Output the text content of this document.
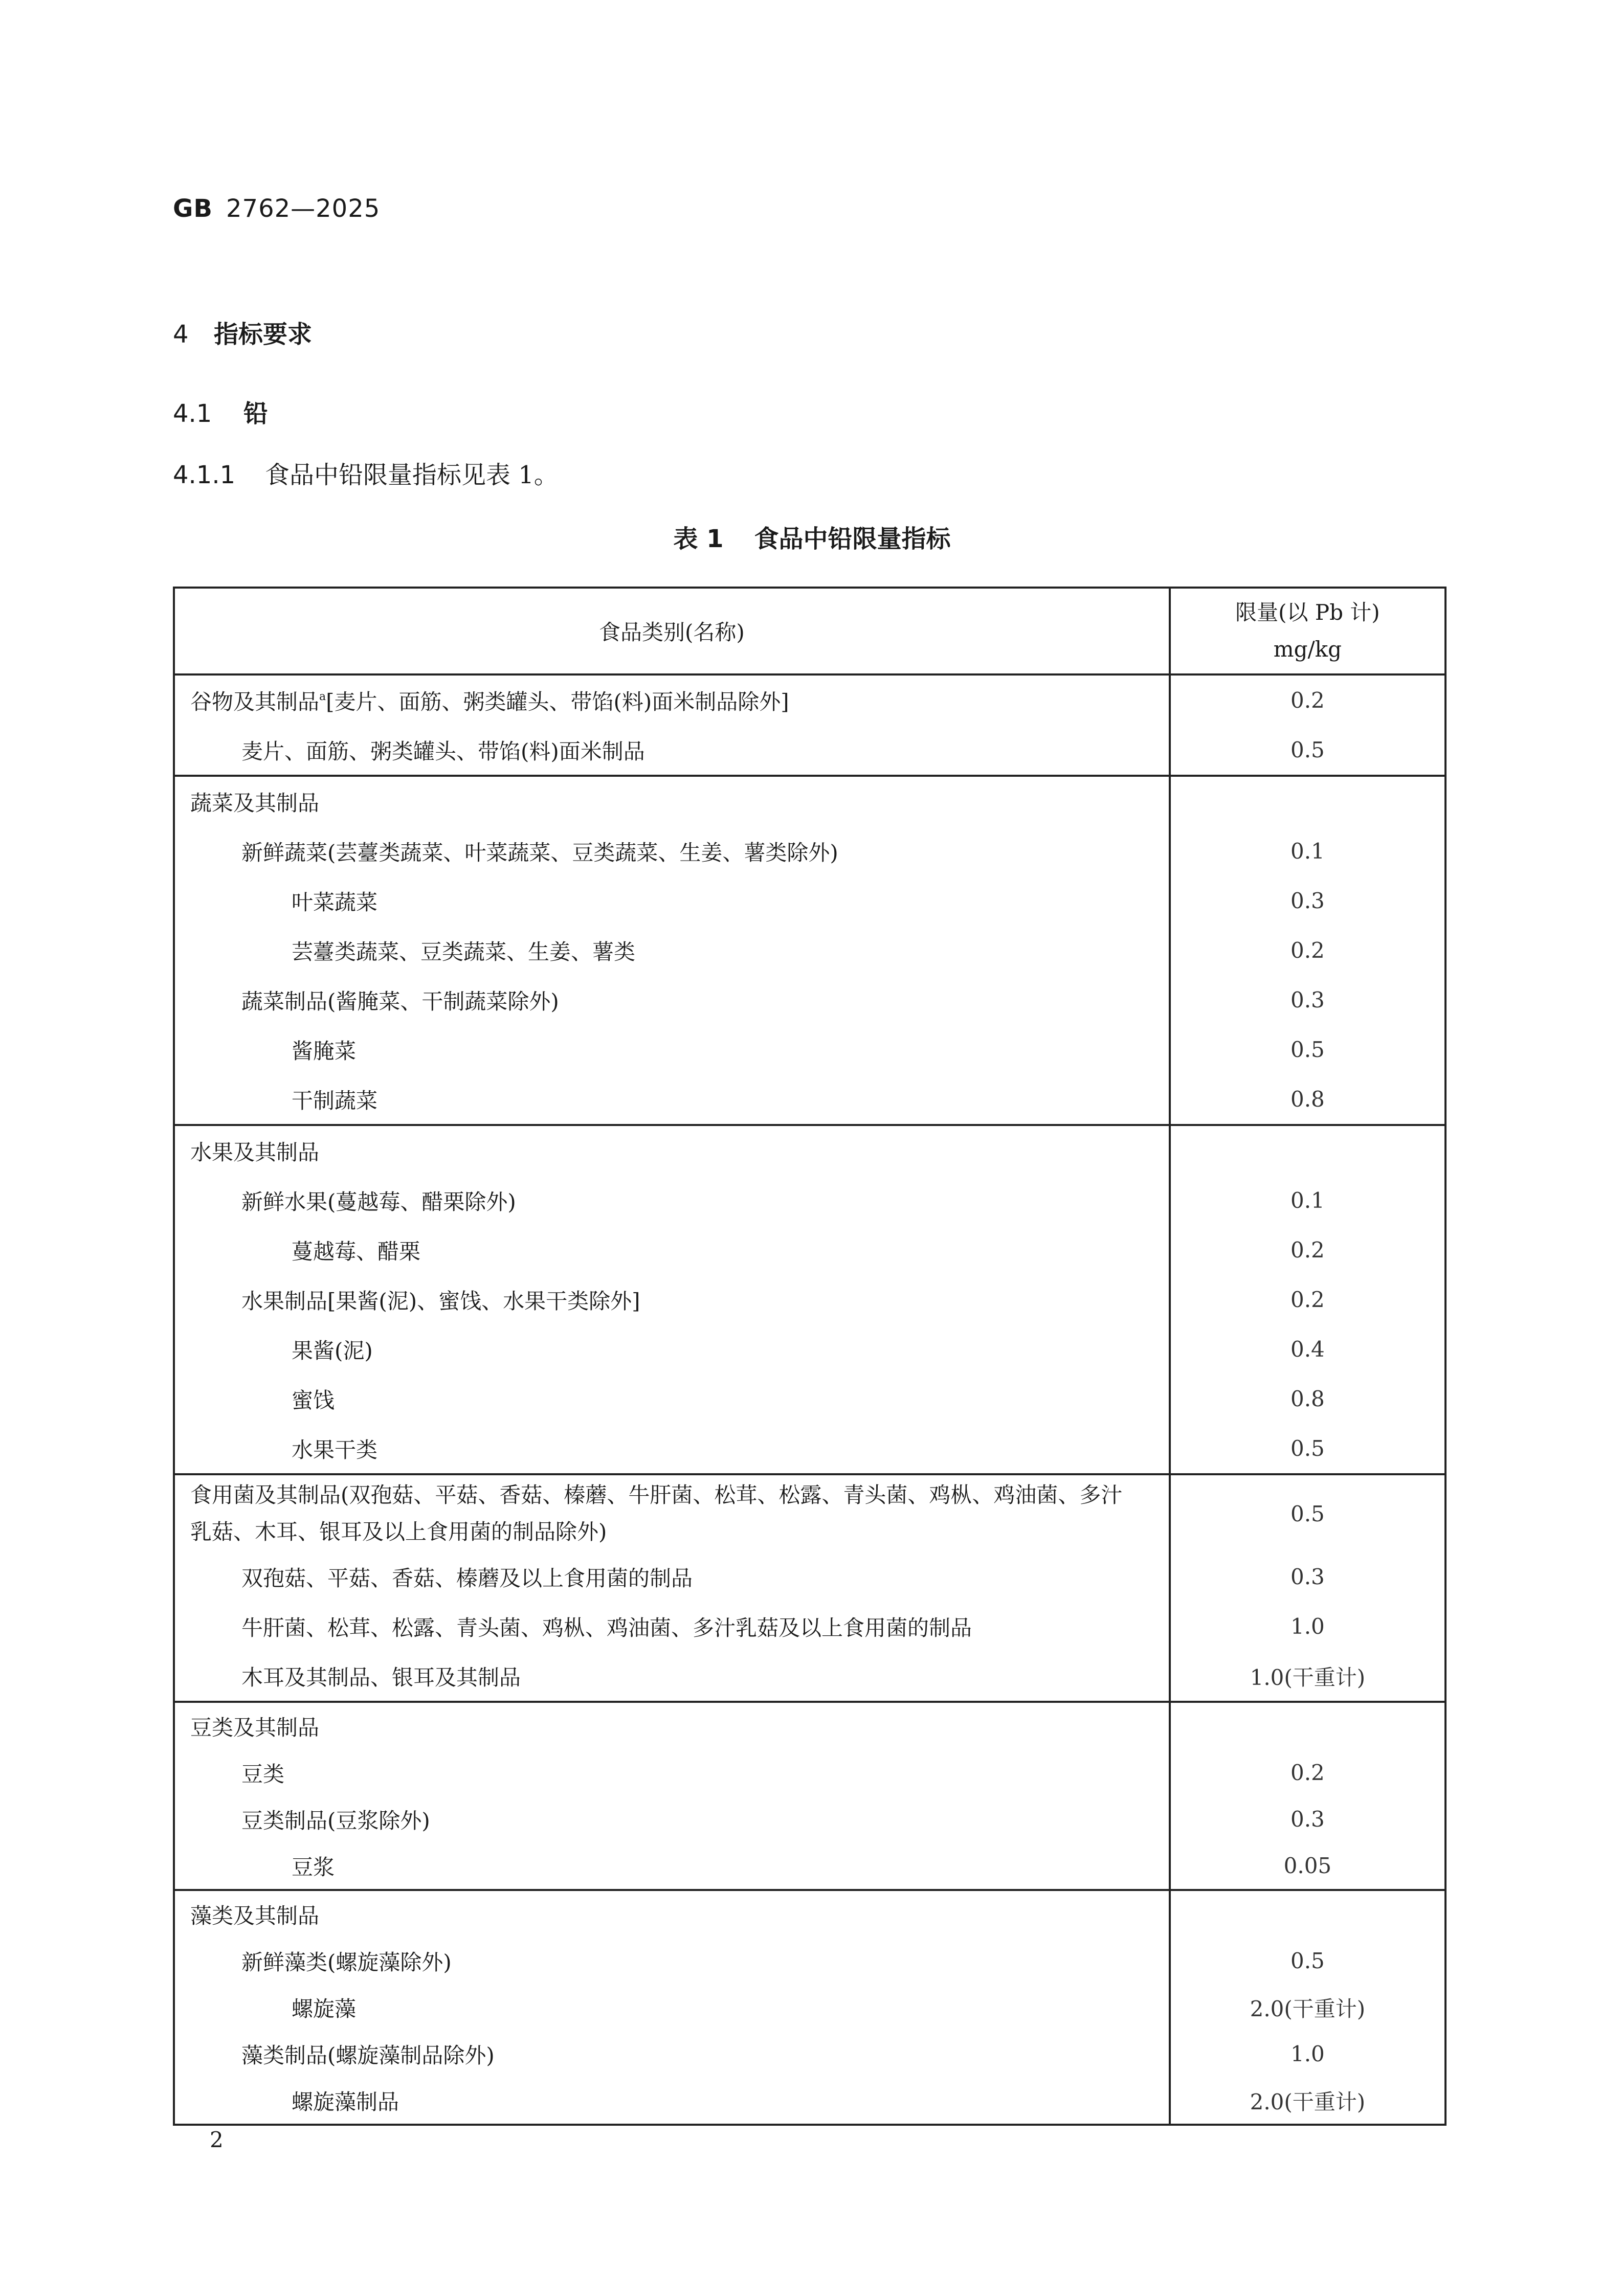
GB 2762—2025
4 指标要求
4.1 铅
4.1.1 食品中铅限量指标见表 1。
表 1 食品中铅限量指标
食品类别(名称)	限量(以 Pb 计)
mg/kg
谷物及其制品$^a$[麦片、面筋、粥类罐头、带馅(料)面米制品除外]	0.2
麦片、面筋、粥类罐头、带馅(料)面米制品	0.5
蔬菜及其制品	
新鲜蔬菜(芸薹类蔬菜、叶菜蔬菜、豆类蔬菜、生姜、薯类除外)	0.1
叶菜蔬菜	0.3
芸薹类蔬菜、豆类蔬菜、生姜、薯类	0.2
蔬菜制品(酱腌菜、干制蔬菜除外)	0.3
酱腌菜	0.5
干制蔬菜	0.8
水果及其制品	
新鲜水果(蔓越莓、醋栗除外)	0.1
蔓越莓、醋栗	0.2
水果制品[果酱(泥)、蜜饯、水果干类除外]	0.2
果酱(泥)	0.4
蜜饯	0.8
水果干类	0.5
食用菌及其制品(双孢菇、平菇、香菇、榛蘑、牛肝菌、松茸、松露、青头菌、鸡枞、鸡油菌、多汁
乳菇、木耳、银耳及以上食用菌的制品除外)	0.5
双孢菇、平菇、香菇、榛蘑及以上食用菌的制品	0.3
牛肝菌、松茸、松露、青头菌、鸡枞、鸡油菌、多汁乳菇及以上食用菌的制品	1.0
木耳及其制品、银耳及其制品	1.0(干重计)
豆类及其制品	
豆类	0.2
豆类制品(豆浆除外)	0.3
豆浆	0.05
藻类及其制品	
新鲜藻类(螺旋藻除外)	0.5
螺旋藻	2.0(干重计)
藻类制品(螺旋藻制品除外)	1.0
螺旋藻制品	2.0(干重计)
2
